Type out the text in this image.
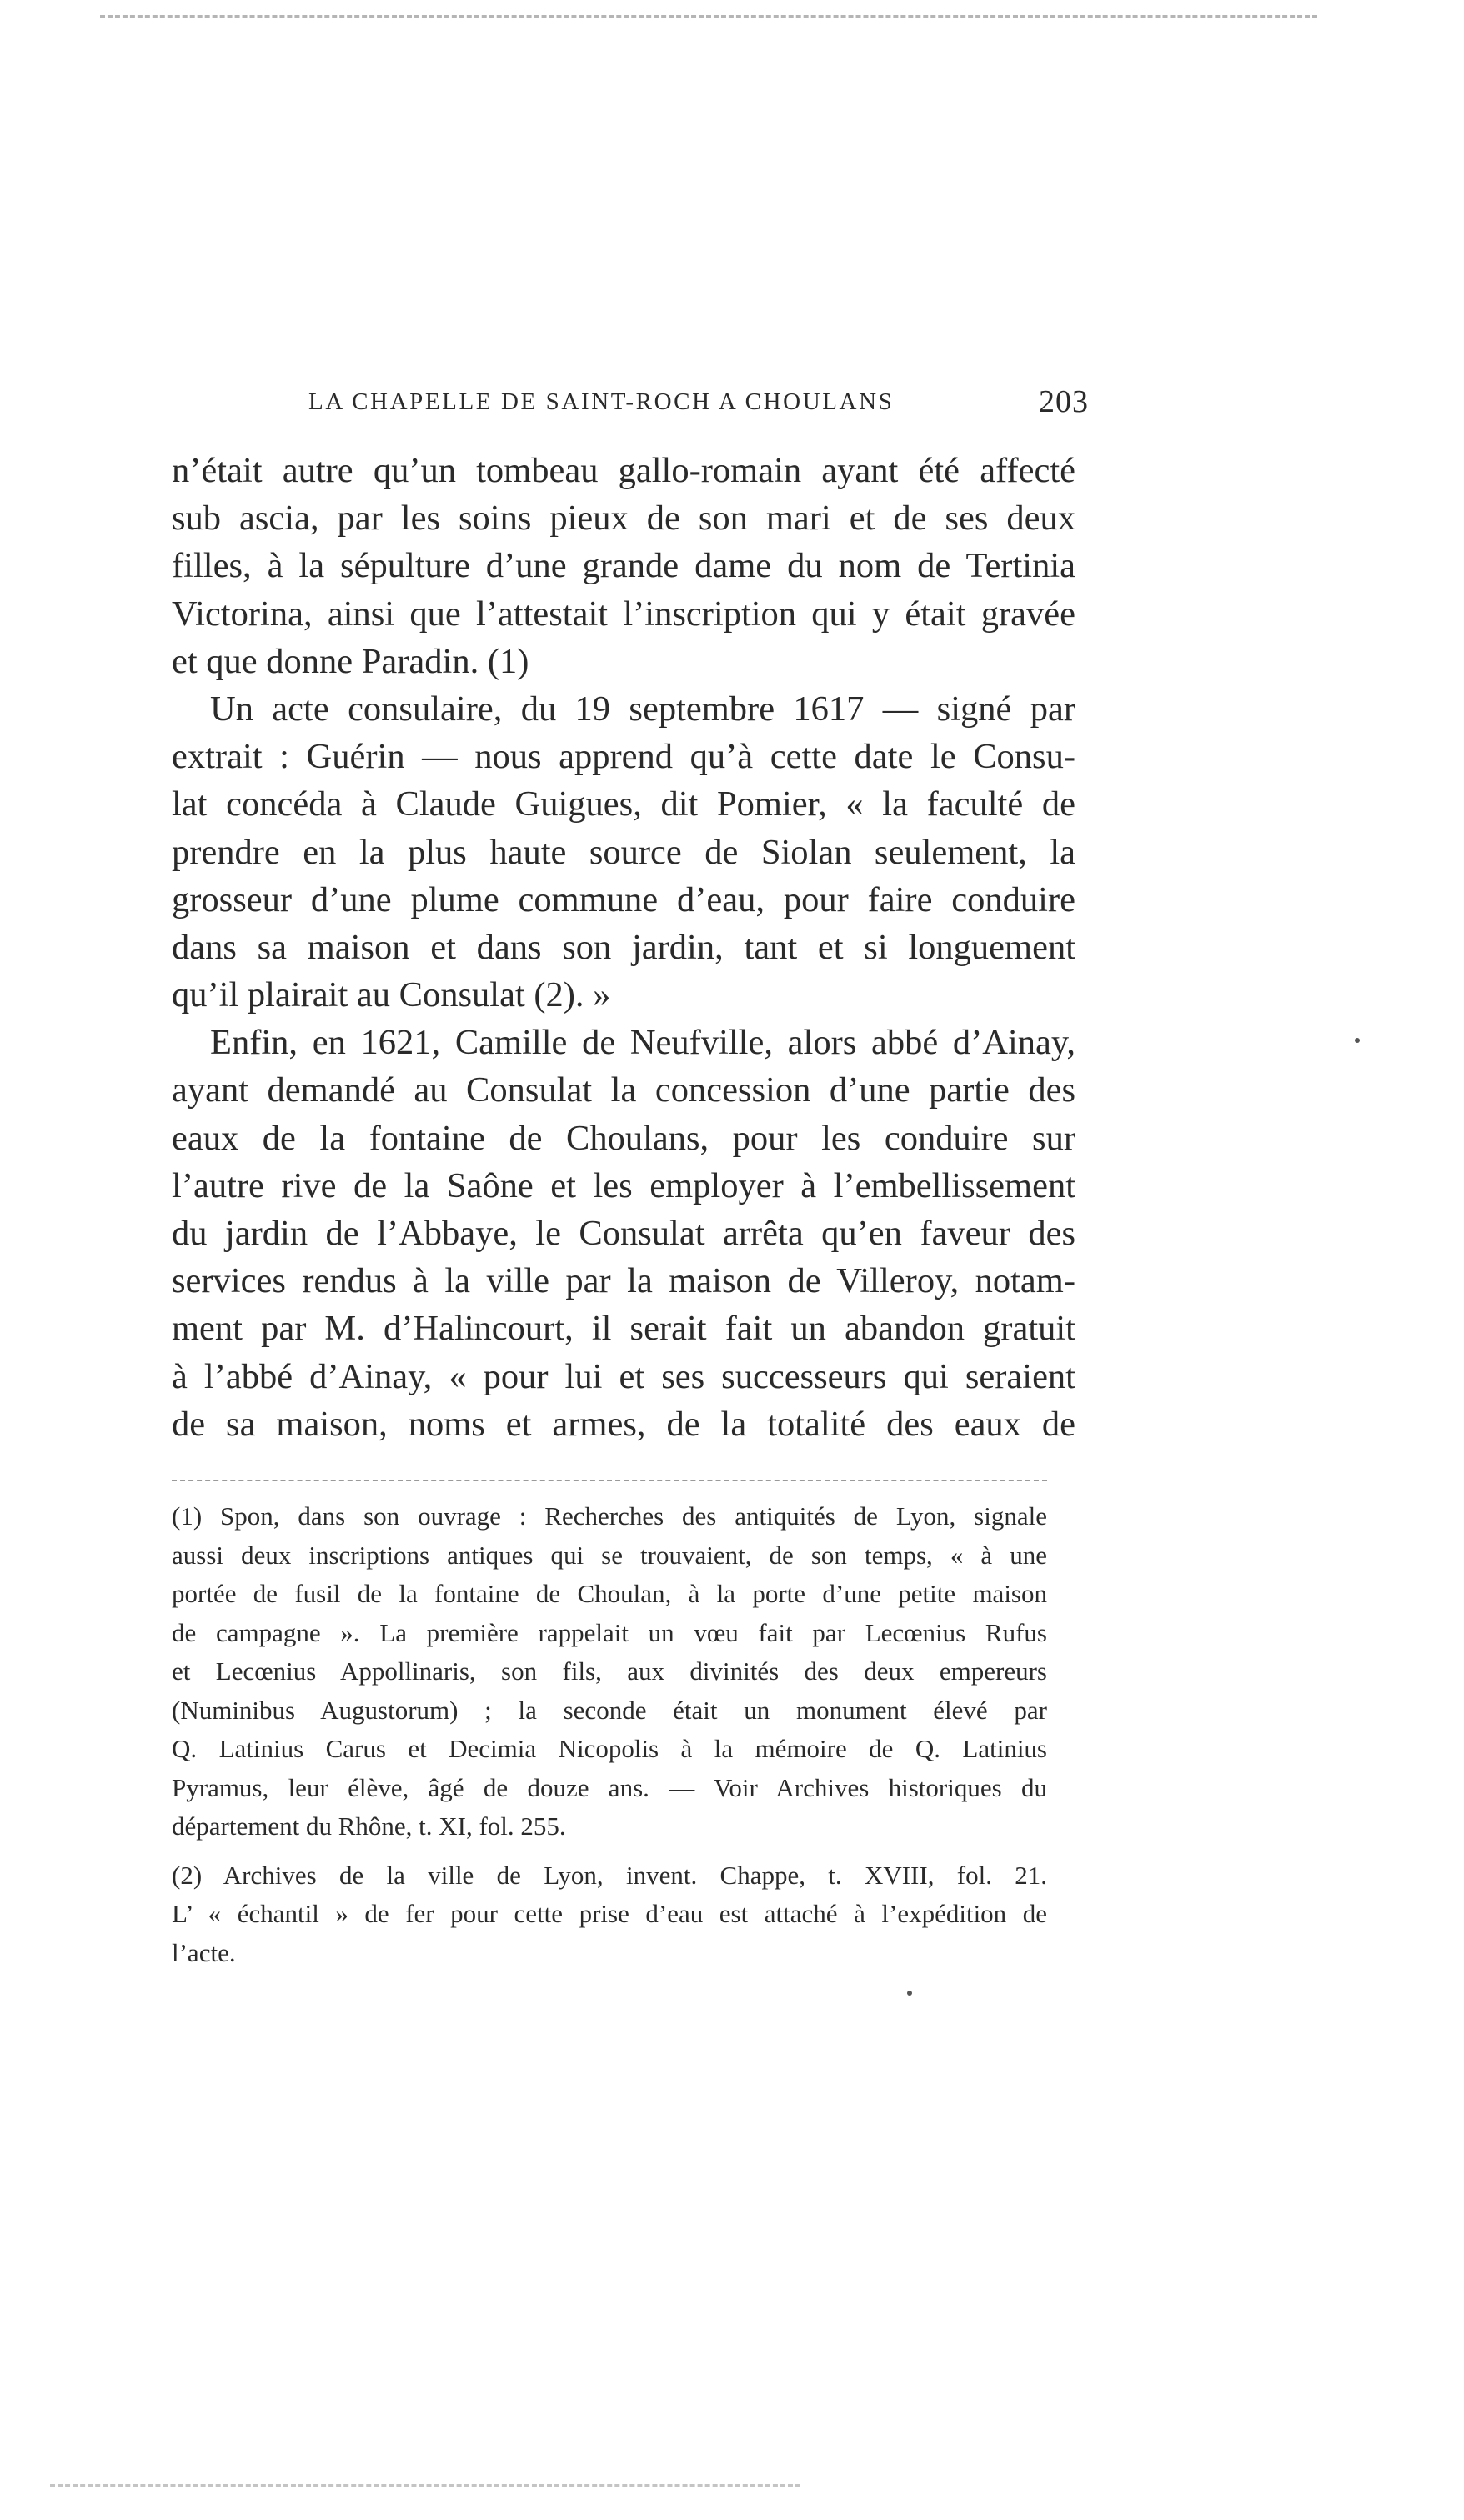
LA CHAPELLE DE SAINT-ROCH A CHOULANS	203
n’était autre qu’un tombeau gallo-romain ayant été affecté
sub ascia, par les soins pieux de son mari et de ses deux
filles, à la sépulture d’une grande dame du nom de Tertinia
Victorina, ainsi que l’attestait l’inscription qui y était gravée
et que donne Paradin. (1)
Un acte consulaire, du 19 septembre 1617 — signé par
extrait : Guérin — nous apprend qu’à cette date le Consu-
lat concéda à Claude Guigues, dit Pomier, « la faculté de
prendre en la plus haute source de Siolan seulement, la
grosseur d’une plume commune d’eau, pour faire conduire
dans sa maison et dans son jardin, tant et si longuement
qu’il plairait au Consulat (2). »
Enfin, en 1621, Camille de Neufville, alors abbé d’Ainay,
ayant demandé au Consulat la concession d’une partie des
eaux de la fontaine de Choulans, pour les conduire sur
l’autre rive de la Saône et les employer à l’embellissement
du jardin de l’Abbaye, le Consulat arrêta qu’en faveur des
services rendus à la ville par la maison de Villeroy, notam-
ment par M. d’Halincourt, il serait fait un abandon gratuit
à l’abbé d’Ainay, « pour lui et ses successeurs qui seraient
de sa maison, noms et armes, de la totalité des eaux de
(1) Spon, dans son ouvrage : Recherches des antiquités de Lyon, signale
aussi deux inscriptions antiques qui se trouvaient, de son temps, « à une
portée de fusil de la fontaine de Choulan, à la porte d’une petite maison
de campagne ». La première rappelait un vœu fait par Lecœnius Rufus
et Lecœnius Appollinaris, son fils, aux divinités des deux empereurs
(Numinibus Augustorum) ; la seconde était un monument élevé par
Q. Latinius Carus et Decimia Nicopolis à la mémoire de Q. Latinius
Pyramus, leur élève, âgé de douze ans. — Voir Archives historiques du
département du Rhône, t. XI, fol. 255.
(2) Archives de la ville de Lyon, invent. Chappe, t. XVIII, fol. 21.
L’ « échantil » de fer pour cette prise d’eau est attaché à l’expédition de
l’acte.
